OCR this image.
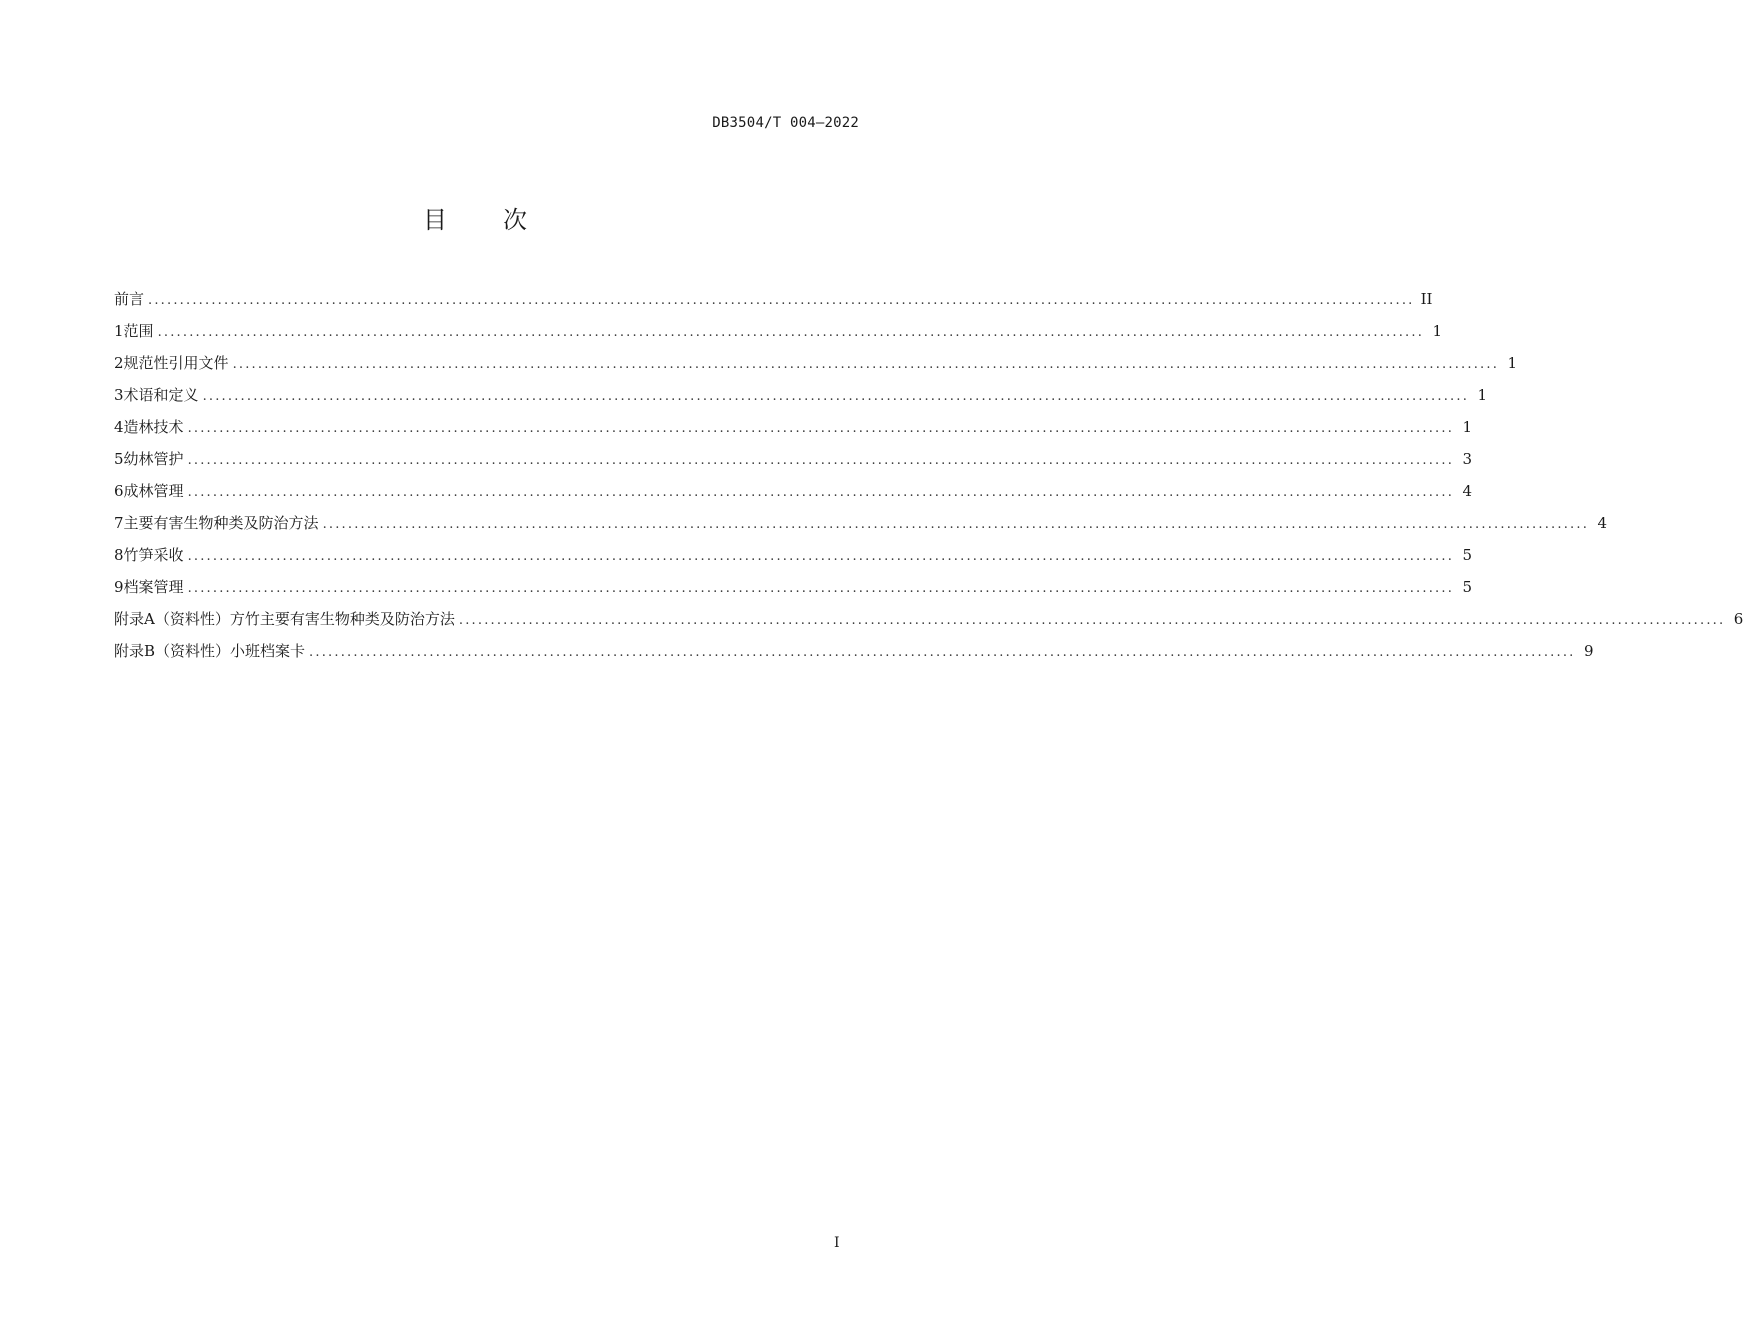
DB3504/T 004—2022
目 次
前言 ........................................................................................................................................................................................................ II
1 范围 ........................................................................................................................................................................................................ 1
2 规范性引用文件 ........................................................................................................................................................................................................ 1
3 术语和定义 ........................................................................................................................................................................................................ 1
4 造林技术 ........................................................................................................................................................................................................ 1
5 幼林管护 ........................................................................................................................................................................................................ 3
6 成林管理 ........................................................................................................................................................................................................ 4
7 主要有害生物种类及防治方法 ........................................................................................................................................................................................................ 4
8 竹笋采收 ........................................................................................................................................................................................................ 5
9 档案管理 ........................................................................................................................................................................................................ 5
附录A（资料性） 方竹主要有害生物种类及防治方法 ........................................................................................................................................................................................................ 6
附录B（资料性） 小班档案卡 ........................................................................................................................................................................................................ 9
I
